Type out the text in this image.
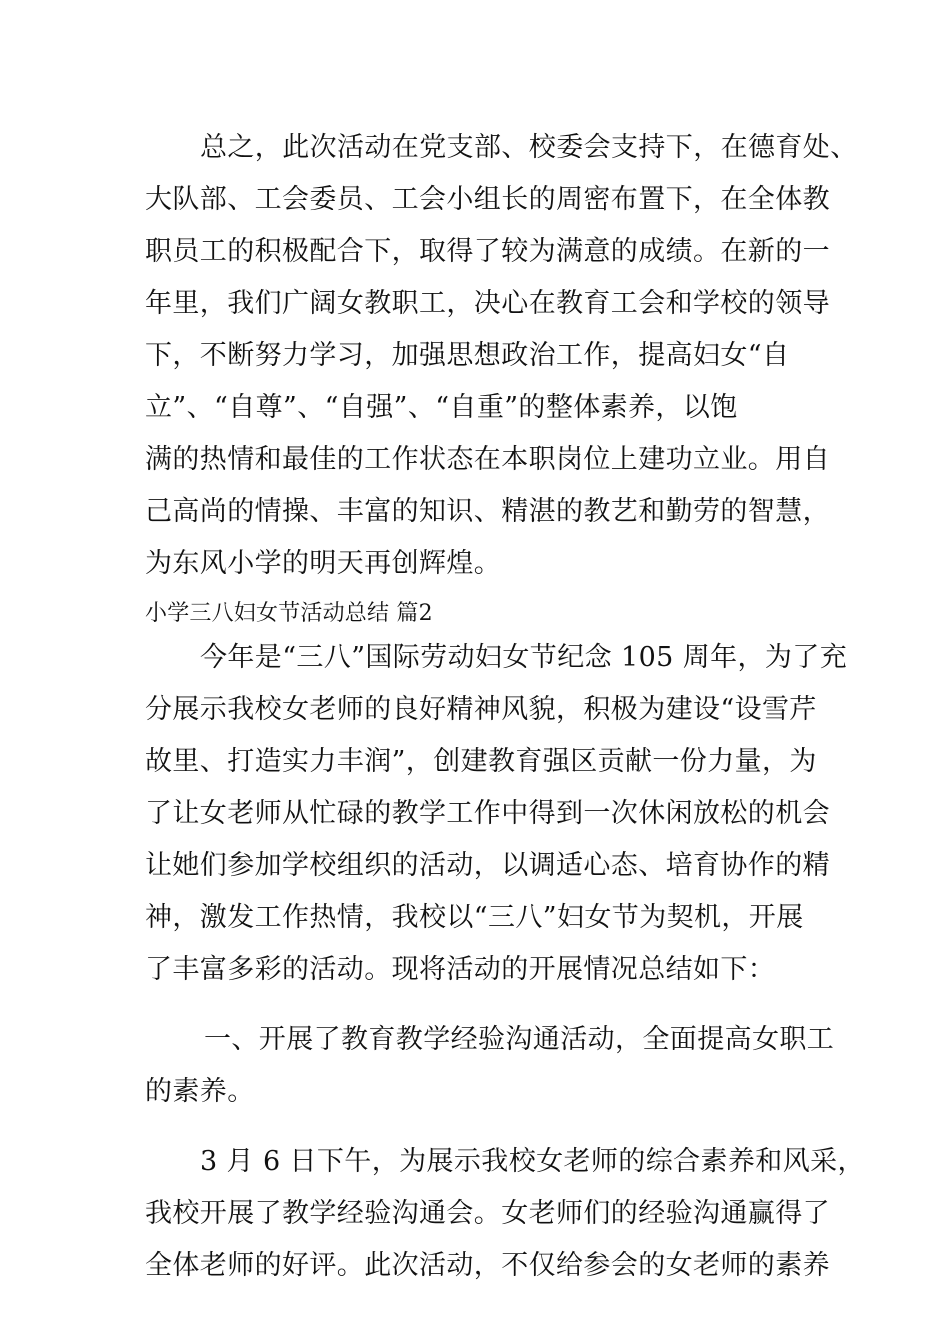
总之，此次活动在党支部、校委会支持下，在德育处、
大队部、工会委员、工会小组长的周密布置下，在全体教
职员工的积极配合下，取得了较为满意的成绩。在新的一
年里，我们广阔女教职工，决心在教育工会和学校的领导
下，不断努力学习，加强思想政治工作，提高妇女“自
立”、“自尊”、“自强”、“自重”的整体素养，以饱
满的热情和最佳的工作状态在本职岗位上建功立业。用自
己高尚的情操、丰富的知识、精湛的教艺和勤劳的智慧，
为东风小学的明天再创辉煌。
小学三八妇女节活动总结 篇2
今年是“三八”国际劳动妇女节纪念 105 周年，为了充
分展示我校女老师的良好精神风貌，积极为建设“设雪芹
故里、打造实力丰润”，创建教育强区贡献一份力量，为
了让女老师从忙碌的教学工作中得到一次休闲放松的机会
让她们参加学校组织的活动，以调适心态、培育协作的精
神，激发工作热情，我校以“三八”妇女节为契机，开展
了丰富多彩的活动。现将活动的开展情况总结如下：
一、开展了教育教学经验沟通活动，全面提高女职工
的素养。
3 月 6 日下午，为展示我校女老师的综合素养和风采，
我校开展了教学经验沟通会。女老师们的经验沟通赢得了
全体老师的好评。此次活动，不仅给参会的女老师的素养
